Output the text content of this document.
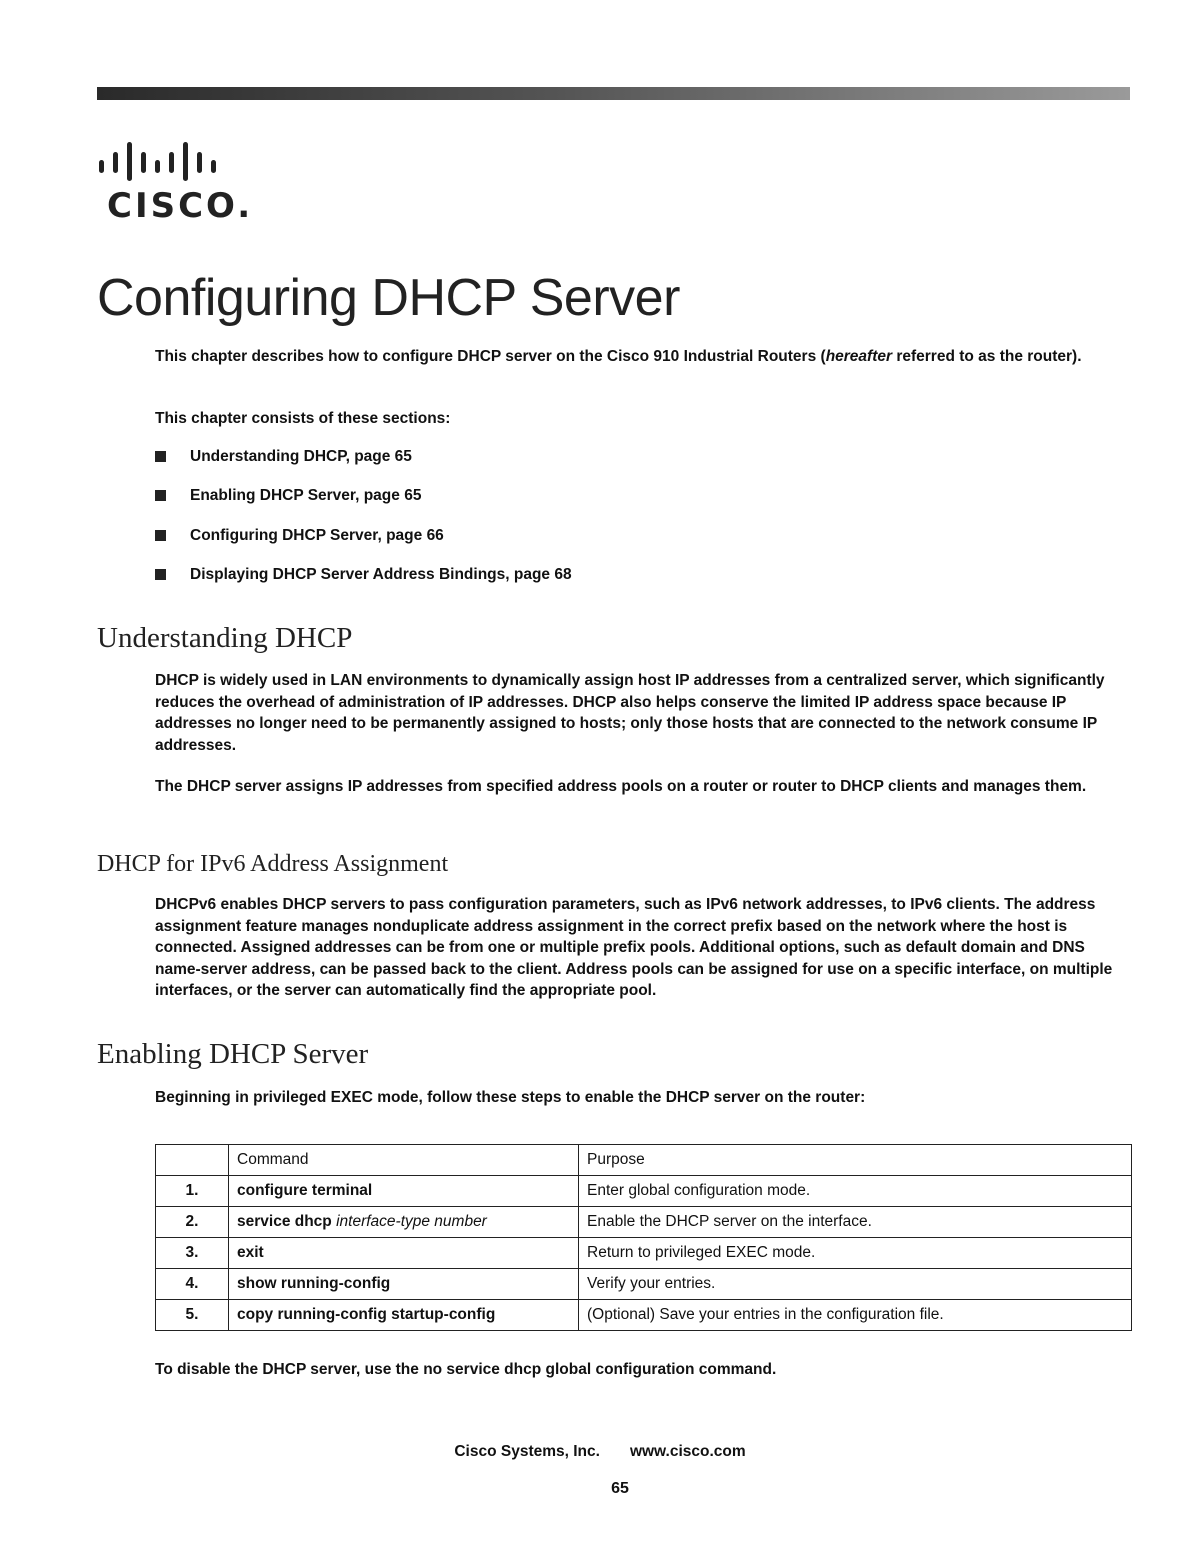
CISCO.
Configuring DHCP Server

This chapter describes how to configure DHCP server on the Cisco 910 Industrial Routers (hereafter referred to as the router).

This chapter consists of these sections:

Understanding DHCP, page 65
Enabling DHCP Server, page 65
Configuring DHCP Server, page 66
Displaying DHCP Server Address Bindings, page 68
Understanding DHCP

DHCP is widely used in LAN environments to dynamically assign host IP addresses from a centralized server, which significantly reduces the overhead of administration of IP addresses. DHCP also helps conserve the limited IP address space because IP addresses no longer need to be permanently assigned to hosts; only those hosts that are connected to the network consume IP addresses.

The DHCP server assigns IP addresses from specified address pools on a router or router to DHCP clients and manages them.

DHCP for IPv6 Address Assignment

DHCPv6 enables DHCP servers to pass configuration parameters, such as IPv6 network addresses, to IPv6 clients. The address assignment feature manages nonduplicate address assignment in the correct prefix based on the network where the host is connected. Assigned addresses can be from one or multiple prefix pools. Additional options, such as default domain and DNS name-server address, can be passed back to the client. Address pools can be assigned for use on a specific interface, on multiple interfaces, or the server can automatically find the appropriate pool.

Enabling DHCP Server

Beginning in privileged EXEC mode, follow these steps to enable the DHCP server on the router:

	Command	Purpose
1.	configure terminal	Enter global configuration mode.
2.	service dhcp interface-type number	Enable the DHCP server on the interface.
3.	exit	Return to privileged EXEC mode.
4.	show running-config	Verify your entries.
5.	copy running-config startup-config	(Optional) Save your entries in the configuration file.

To disable the DHCP server, use the no service dhcp global configuration command.

Cisco Systems, Inc. www.cisco.com
65
